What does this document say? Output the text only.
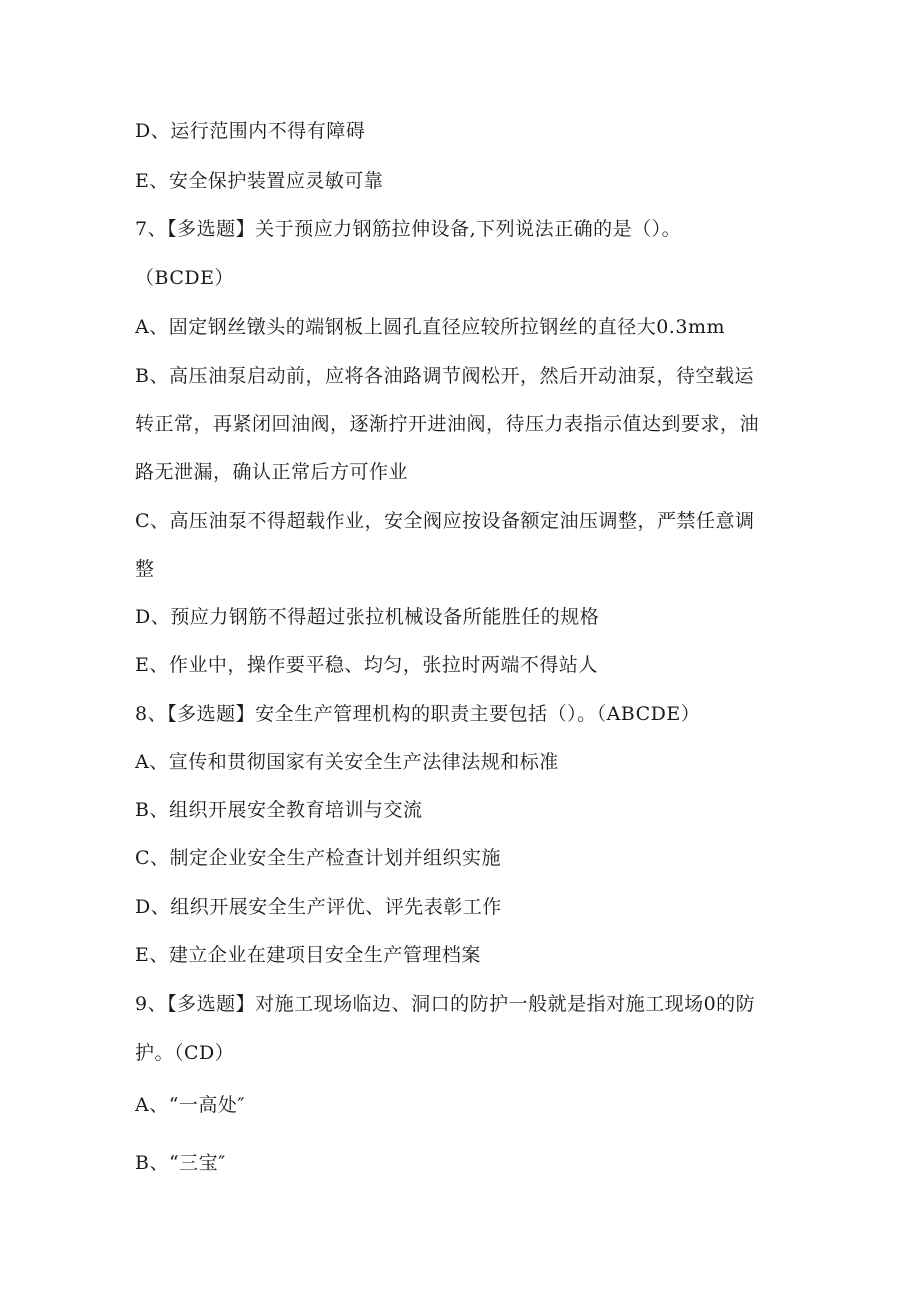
D、运行范围内不得有障碍
E、安全保护装置应灵敏可靠
7、【多选题】关于预应力钢筋拉伸设备,下列说法正确的是（）。
（BCDE）
A、固定钢丝镦头的端钢板上圆孔直径应较所拉钢丝的直径大0.3mm
B、高压油泵启动前，应将各油路调节阀松开，然后开动油泵，待空载运
转正常，再紧闭回油阀，逐渐拧开进油阀，待压力表指示值达到要求，油
路无泄漏，确认正常后方可作业
C、高压油泵不得超载作业，安全阀应按设备额定油压调整，严禁任意调
整
D、预应力钢筋不得超过张拉机械设备所能胜任的规格
E、作业中，操作要平稳、均匀，张拉时两端不得站人
8、【多选题】安全生产管理机构的职责主要包括（）。（ABCDE）
A、宣传和贯彻国家有关安全生产法律法规和标准
B、组织开展安全教育培训与交流
C、制定企业安全生产检查计划并组织实施
D、组织开展安全生产评优、评先表彰工作
E、建立企业在建项目安全生产管理档案
9、【多选题】对施工现场临边、洞口的防护一般就是指对施工现场0的防
护。（CD）
A、“一高处″
B、“三宝″
